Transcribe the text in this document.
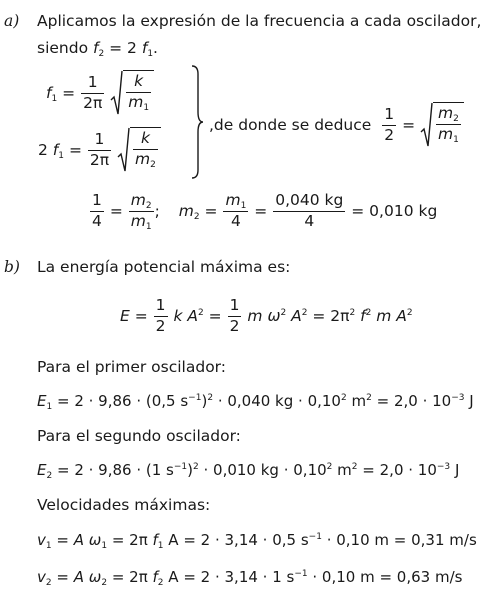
a) Aplicamos la expresión de la frecuencia a cada oscilador,
siendo $f_2 = 2$ $f_1$.
$f_1 = \frac{1}{2\pi}$
$\frac{k}{m_1}$
2 $f_1 = \frac{1}{2\pi}$
$\frac{k}{m_2}$
,de donde se deduce $\frac{1}{2} = \frac{m_2}{m_1}$
$\frac{1}{4} = \frac{m_2}{m_1}$ ; $m_2 = \frac{m_1}{4} = \frac{0,040 kg}{4} = 0,010$ kg
b) La energía potencial máxima es:
$E = \frac{1}{2}$ k $A^2 = \frac{1}{2}$ m $\omega^2$ $A^2 = 2\pi^2$ $f^2$ m $A^2$
Para el primer oscilador:
$E_1 = 2 \cdot 9,86 \cdot (0,5$ $s^{-1})^2 \cdot 0,040$ kg · $0,10^2$ $m^2 = 2,0 \cdot 10^{-3}$ J
Para el segundo oscilador:
$E_2 = 2 \cdot 9,86 \cdot (1$ $s^{-1})^2 \cdot 0,010$ kg · $0,10^2$ $m^2 = 2,0 \cdot 10^{-3}$ J
Velocidades máximas:
$v_1 = A$ $\omega_1 = 2\pi$ $f_1$ A = 2 · 3,14 · 0,5 $s^{-1} \cdot 0,10$ m = 0,31 m/s
$v_2 = A$ $\omega_2 = 2\pi$ $f_2$ A = 2 · 3,14 · 1 $s^{-1} \cdot 0,10$ m = 0,63 m/s
